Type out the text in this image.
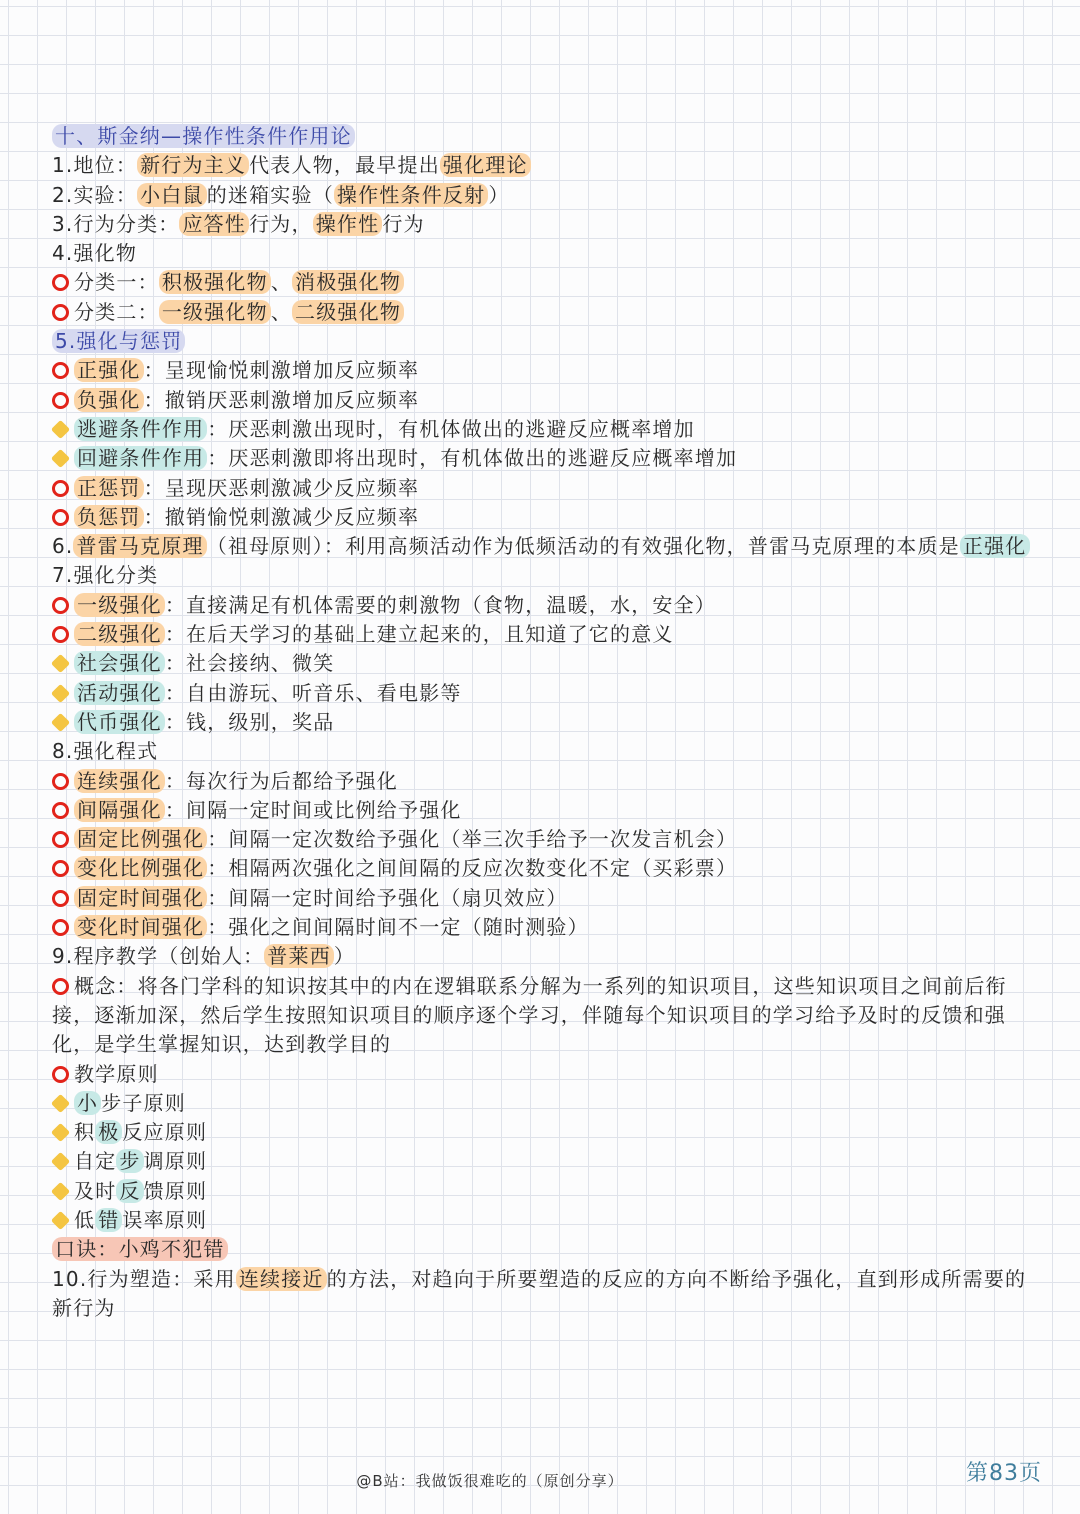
十、斯金纳—操作性条件作用论
1.地位： 新行为主义 代表人物，最早提出 强化理论
2.实验： 小白鼠 的迷箱实验（ 操作性条件反射 ）
3.行为分类： 应答性 行为， 操作性 行为
4.强化物
分类一： 积极强化物 、 消极强化物
分类二： 一级强化物 、 二级强化物
5.强化与惩罚
正强化 ：呈现愉悦刺激增加反应频率
负强化 ：撤销厌恶刺激增加反应频率
逃避条件作用 ：厌恶刺激出现时，有机体做出的逃避反应概率增加
回避条件作用 ：厌恶刺激即将出现时，有机体做出的逃避反应概率增加
正惩罚 ：呈现厌恶刺激减少反应频率
负惩罚 ：撤销愉悦刺激减少反应频率
6. 普雷马克原理 （祖母原则）：利用高频活动作为低频活动的有效强化物，普雷马克原理的本质是 正强化
7.强化分类
一级强化 ：直接满足有机体需要的刺激物（食物，温暖，水，安全）
二级强化 ：在后天学习的基础上建立起来的，且知道了它的意义
社会强化 ：社会接纳、微笑
活动强化 ：自由游玩、听音乐、看电影等
代币强化 ：钱，级别，奖品
8.强化程式
连续强化 ：每次行为后都给予强化
间隔强化 ：间隔一定时间或比例给予强化
固定比例强化 ：间隔一定次数给予强化（举三次手给予一次发言机会）
变化比例强化 ：相隔两次强化之间间隔的反应次数变化不定（买彩票）
固定时间强化 ：间隔一定时间给予强化（扇贝效应）
变化时间强化 ：强化之间间隔时间不一定（随时测验）
9.程序教学（创始人： 普莱西 ）
概念：将各门学科的知识按其中的内在逻辑联系分解为一系列的知识项目，这些知识项目之间前后衔接，逐渐加深，然后学生按照知识项目的顺序逐个学习，伴随每个知识项目的学习给予及时的反馈和强化，是学生掌握知识，达到教学目的
教学原则
小 步子原则
积 极 反应原则
自定 步 调原则
及时 反 馈原则
低 错 误率原则
口诀：小鸡不犯错
10.行为塑造：采用 连续接近 的方法，对趋向于所要塑造的反应的方向不断给予强化，直到形成所需要的新行为
@B站：我做饭很难吃的（原创分享）	第83页
